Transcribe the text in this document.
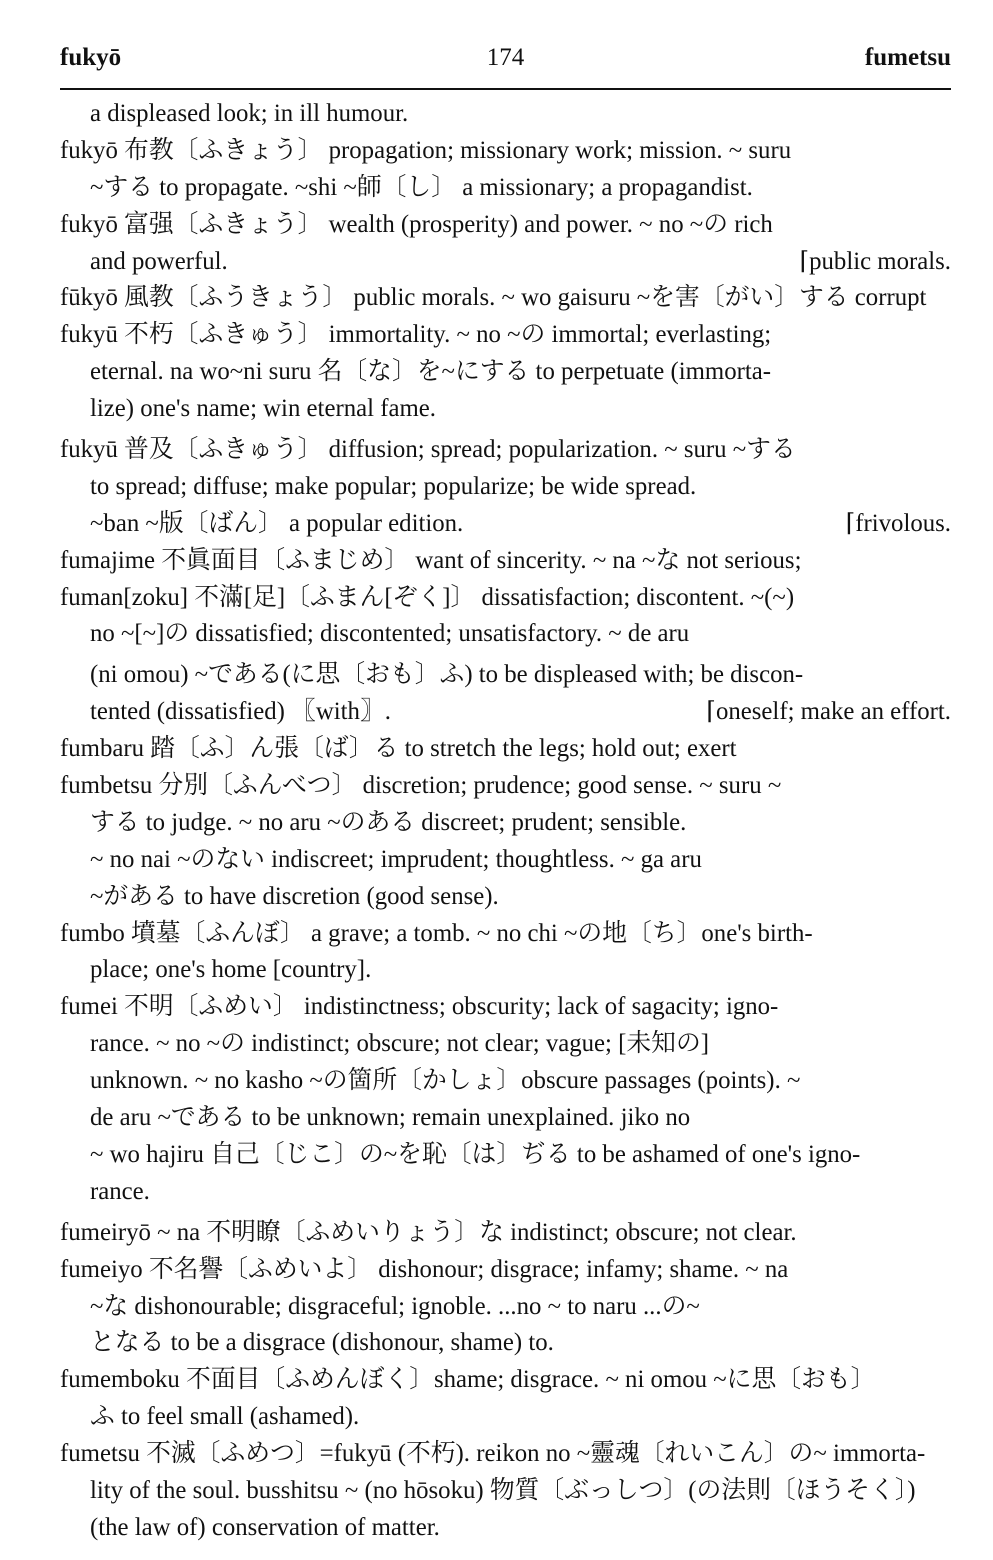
fukyō	174	fumetsu
a displeased look; in ill humour.
fukyō 布教〔ふきょう〕 propagation; missionary work; mission. ~ suru
~する to propagate. ~shi ~師〔し〕 a missionary; a propagandist.
fukyō 富强〔ふきょう〕 wealth (prosperity) and power. ~ no ~の rich
and powerful.	⌈public morals.
fūkyō 風教〔ふうきょう〕 public morals. ~ wo gaisuru ~を害〔がい〕する corrupt
fukyū 不朽〔ふきゅう〕 immortality. ~ no ~の immortal; everlasting;
eternal. na wo~ni suru 名〔な〕を~にする to perpetuate (immorta-
lize) one's name; win eternal fame.
fukyū 普及〔ふきゅう〕 diffusion; spread; popularization. ~ suru ~する
to spread; diffuse; make popular; popularize; be wide spread.
~ban ~版〔ばん〕 a popular edition.	⌈frivolous.
fumajime 不眞面目〔ふまじめ〕 want of sincerity. ~ na ~な not serious;
fuman[zoku] 不滿[足]〔ふまん[ぞく]〕 dissatisfaction; discontent. ~(~)
no ~[~]の dissatisfied; discontented; unsatisfactory. ~ de aru
(ni omou) ~である(に思〔おも〕ふ) to be displeased with; be discon-
tented (dissatisfied) 〖with〗.	⌈oneself; make an effort.
fumbaru 踏〔ふ〕ん張〔ば〕る to stretch the legs; hold out; exert
fumbetsu 分別〔ふんべつ〕 discretion; prudence; good sense. ~ suru ~
する to judge. ~ no aru ~のある discreet; prudent; sensible.
~ no nai ~のない indiscreet; imprudent; thoughtless. ~ ga aru
~がある to have discretion (good sense).
fumbo 墳墓〔ふんぼ〕 a grave; a tomb. ~ no chi ~の地〔ち〕one's birth-
place; one's home [country].
fumei 不明〔ふめい〕 indistinctness; obscurity; lack of sagacity; igno-
rance. ~ no ~の indistinct; obscure; not clear; vague; [未知の]
unknown. ~ no kasho ~の箇所〔かしょ〕obscure passages (points). ~
de aru ~である to be unknown; remain unexplained. jiko no
~ wo hajiru 自己〔じこ〕の~を恥〔は〕ぢる to be ashamed of one's igno-
rance.
fumeiryō ~ na 不明瞭〔ふめいりょう〕な indistinct; obscure; not clear.
fumeiyo 不名譽〔ふめいよ〕 dishonour; disgrace; infamy; shame. ~ na
~な dishonourable; disgraceful; ignoble. ...no ~ to naru ...の~
となる to be a disgrace (dishonour, shame) to.
fumemboku 不面目〔ふめんぼく〕shame; disgrace. ~ ni omou ~に思〔おも〕
ふ to feel small (ashamed).
fumetsu 不滅〔ふめつ〕=fukyū (不朽). reikon no ~靈魂〔れいこん〕の~ immorta-
lity of the soul. busshitsu ~ (no hōsoku) 物質〔ぶっしつ〕(の法則〔ほうそく〕)
(the law of) conservation of matter.
